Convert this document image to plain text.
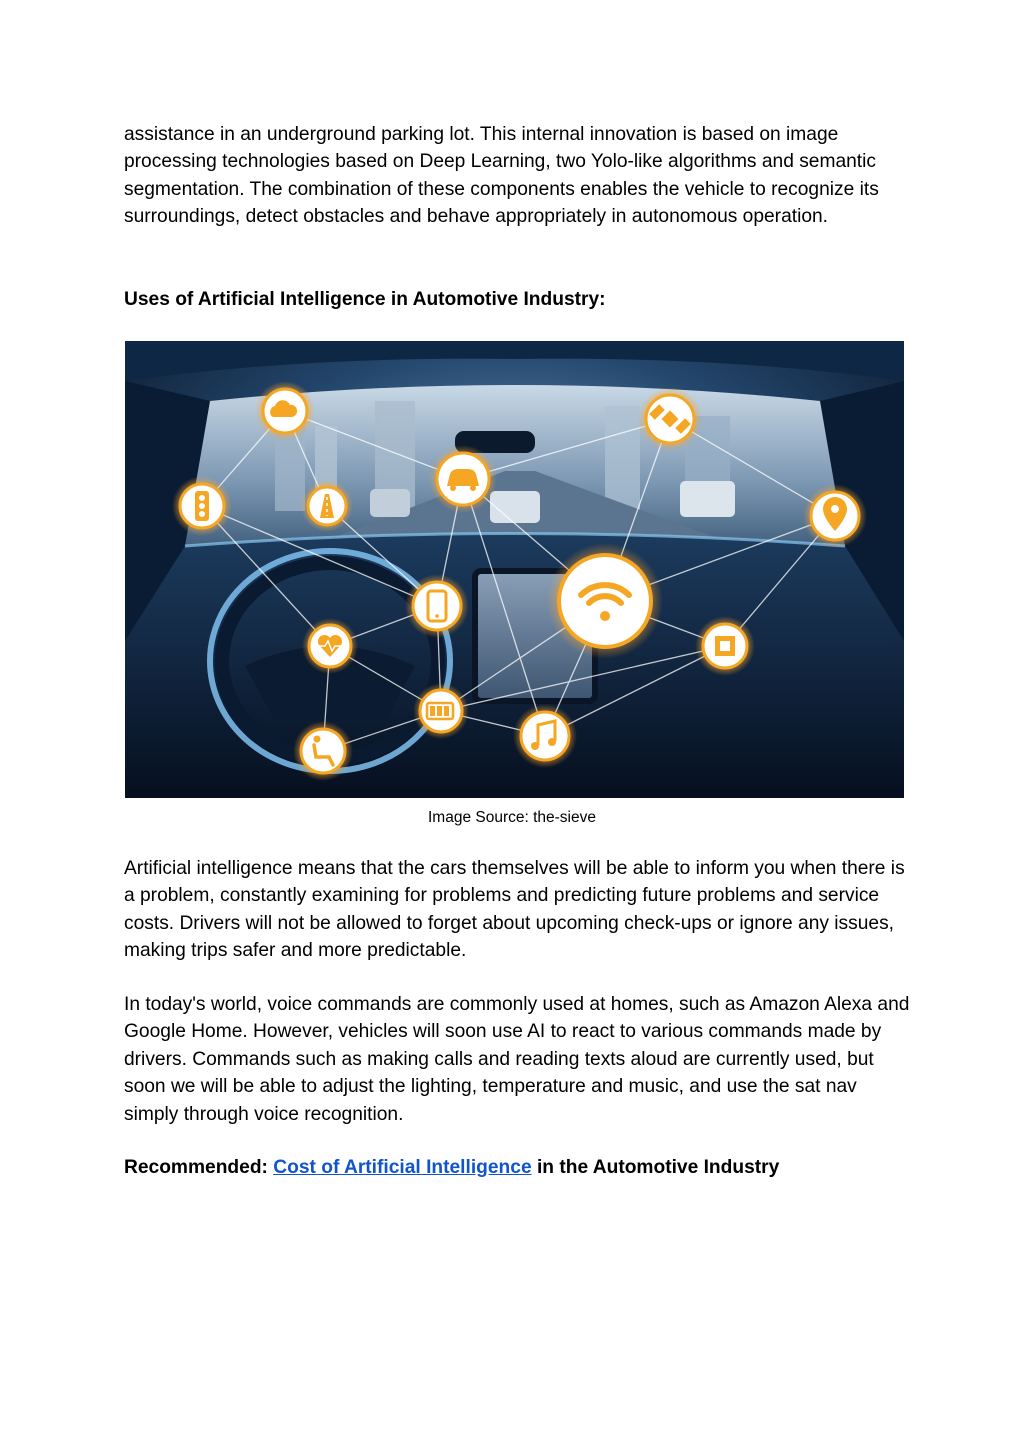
assistance in an underground parking lot. This internal innovation is based on image processing technologies based on Deep Learning, two Yolo-like algorithms and semantic segmentation. The combination of these components enables the vehicle to recognize its surroundings, detect obstacles and behave appropriately in autonomous operation.

Uses of Artificial Intelligence in Automotive Industry:

Image Source: the-sieve

Artificial intelligence means that the cars themselves will be able to inform you when there is a problem, constantly examining for problems and predicting future problems and service costs. Drivers will not be allowed to forget about upcoming check-ups or ignore any issues, making trips safer and more predictable.

In today's world, voice commands are commonly used at homes, such as Amazon Alexa and Google Home. However, vehicles will soon use AI to react to various commands made by drivers. Commands such as making calls and reading texts aloud are currently used, but soon we will be able to adjust the lighting, temperature and music, and use the sat nav simply through voice recognition.

Recommended: Cost of Artificial Intelligence in the Automotive Industry
